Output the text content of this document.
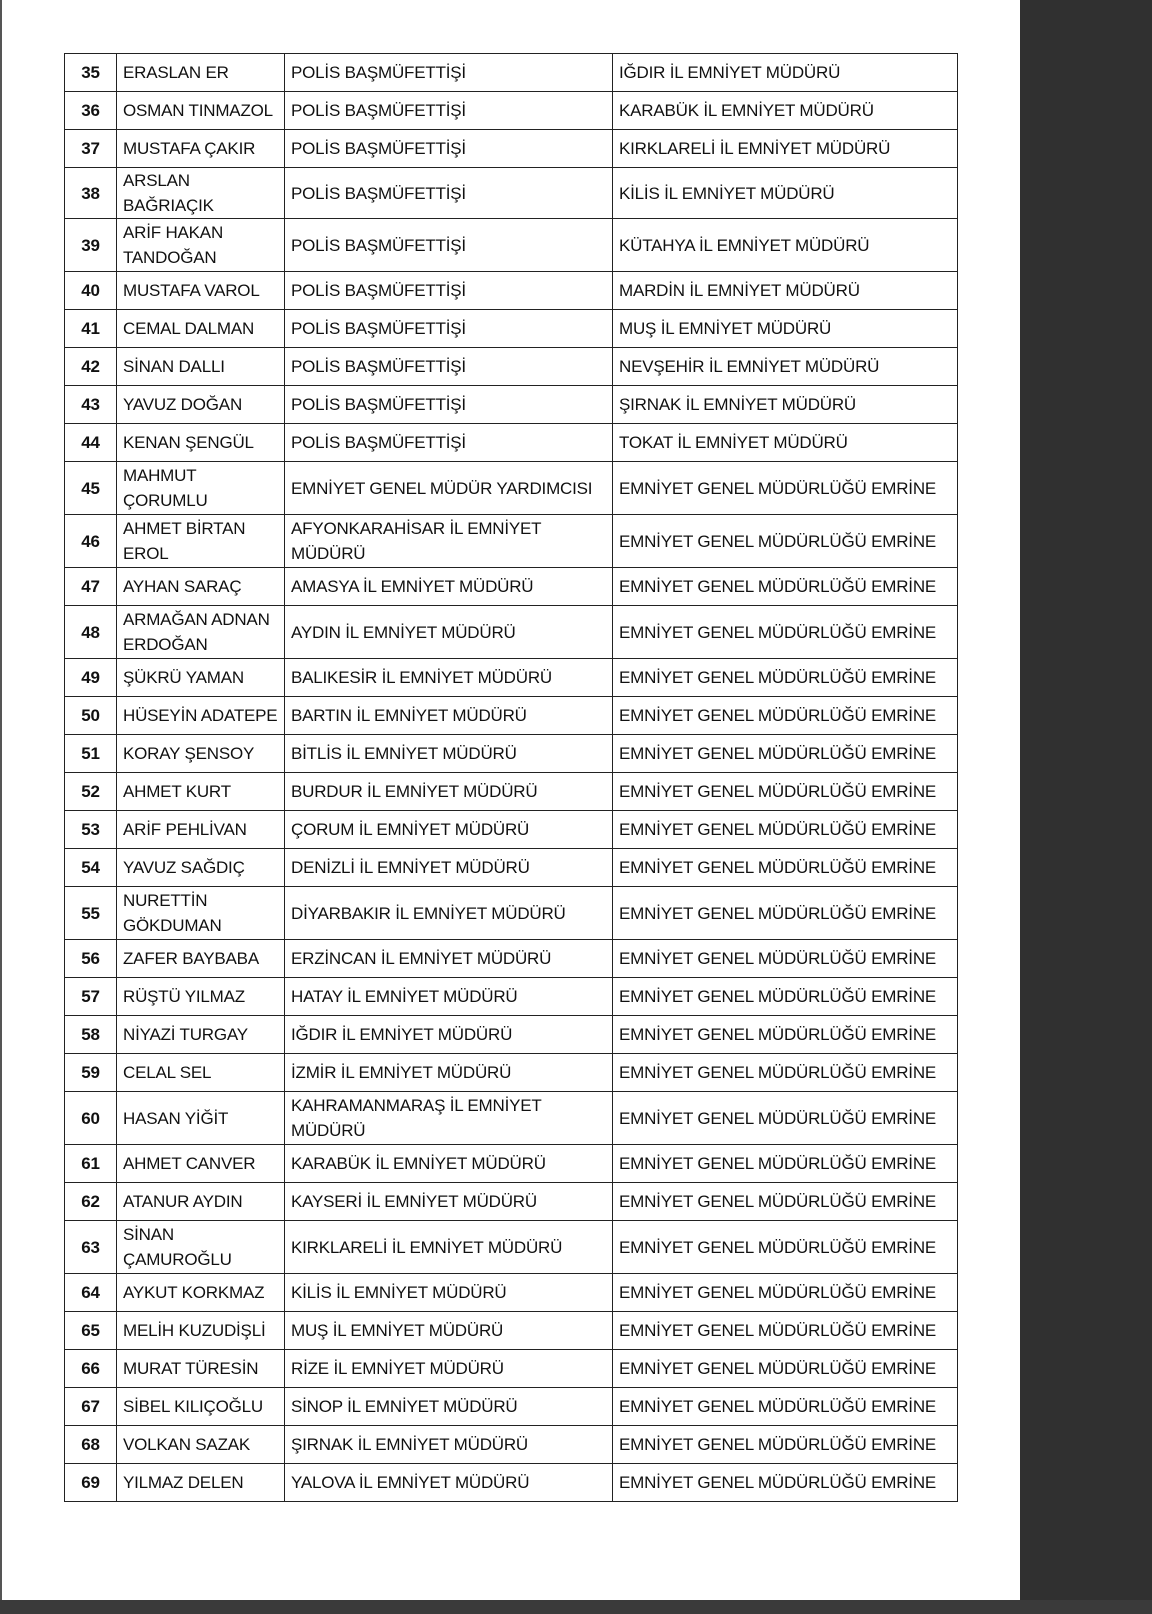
35	ERASLAN ER	POLİS BAŞMÜFETTİŞİ	IĞDIR İL EMNİYET MÜDÜRÜ
36	OSMAN TINMAZOL	POLİS BAŞMÜFETTİŞİ	KARABÜK İL EMNİYET MÜDÜRÜ
37	MUSTAFA ÇAKIR	POLİS BAŞMÜFETTİŞİ	KIRKLARELİ İL EMNİYET MÜDÜRÜ
38	ARSLAN BAĞRIAÇIK	POLİS BAŞMÜFETTİŞİ	KİLİS İL EMNİYET MÜDÜRÜ
39	ARİF HAKAN TANDOĞAN	POLİS BAŞMÜFETTİŞİ	KÜTAHYA İL EMNİYET MÜDÜRÜ
40	MUSTAFA VAROL	POLİS BAŞMÜFETTİŞİ	MARDİN İL EMNİYET MÜDÜRÜ
41	CEMAL DALMAN	POLİS BAŞMÜFETTİŞİ	MUŞ İL EMNİYET MÜDÜRÜ
42	SİNAN DALLI	POLİS BAŞMÜFETTİŞİ	NEVŞEHİR İL EMNİYET MÜDÜRÜ
43	YAVUZ DOĞAN	POLİS BAŞMÜFETTİŞİ	ŞIRNAK İL EMNİYET MÜDÜRÜ
44	KENAN ŞENGÜL	POLİS BAŞMÜFETTİŞİ	TOKAT İL EMNİYET MÜDÜRÜ
45	MAHMUT ÇORUMLU	EMNİYET GENEL MÜDÜR YARDIMCISI	EMNİYET GENEL MÜDÜRLÜĞÜ EMRİNE
46	AHMET BİRTAN EROL	AFYONKARAHİSAR İL EMNİYET MÜDÜRÜ	EMNİYET GENEL MÜDÜRLÜĞÜ EMRİNE
47	AYHAN SARAÇ	AMASYA İL EMNİYET MÜDÜRÜ	EMNİYET GENEL MÜDÜRLÜĞÜ EMRİNE
48	ARMAĞAN ADNAN ERDOĞAN	AYDIN İL EMNİYET MÜDÜRÜ	EMNİYET GENEL MÜDÜRLÜĞÜ EMRİNE
49	ŞÜKRÜ YAMAN	BALIKESİR İL EMNİYET MÜDÜRÜ	EMNİYET GENEL MÜDÜRLÜĞÜ EMRİNE
50	HÜSEYİN ADATEPE	BARTIN İL EMNİYET MÜDÜRÜ	EMNİYET GENEL MÜDÜRLÜĞÜ EMRİNE
51	KORAY ŞENSOY	BİTLİS İL EMNİYET MÜDÜRÜ	EMNİYET GENEL MÜDÜRLÜĞÜ EMRİNE
52	AHMET KURT	BURDUR İL EMNİYET MÜDÜRÜ	EMNİYET GENEL MÜDÜRLÜĞÜ EMRİNE
53	ARİF PEHLİVAN	ÇORUM İL EMNİYET MÜDÜRÜ	EMNİYET GENEL MÜDÜRLÜĞÜ EMRİNE
54	YAVUZ SAĞDIÇ	DENİZLİ İL EMNİYET MÜDÜRÜ	EMNİYET GENEL MÜDÜRLÜĞÜ EMRİNE
55	NURETTİN GÖKDUMAN	DİYARBAKIR İL EMNİYET MÜDÜRÜ	EMNİYET GENEL MÜDÜRLÜĞÜ EMRİNE
56	ZAFER BAYBABA	ERZİNCAN İL EMNİYET MÜDÜRÜ	EMNİYET GENEL MÜDÜRLÜĞÜ EMRİNE
57	RÜŞTÜ YILMAZ	HATAY İL EMNİYET MÜDÜRÜ	EMNİYET GENEL MÜDÜRLÜĞÜ EMRİNE
58	NİYAZİ TURGAY	IĞDIR İL EMNİYET MÜDÜRÜ	EMNİYET GENEL MÜDÜRLÜĞÜ EMRİNE
59	CELAL SEL	İZMİR İL EMNİYET MÜDÜRÜ	EMNİYET GENEL MÜDÜRLÜĞÜ EMRİNE
60	HASAN YİĞİT	KAHRAMANMARAŞ İL EMNİYET MÜDÜRÜ	EMNİYET GENEL MÜDÜRLÜĞÜ EMRİNE
61	AHMET CANVER	KARABÜK İL EMNİYET MÜDÜRÜ	EMNİYET GENEL MÜDÜRLÜĞÜ EMRİNE
62	ATANUR AYDIN	KAYSERİ İL EMNİYET MÜDÜRÜ	EMNİYET GENEL MÜDÜRLÜĞÜ EMRİNE
63	SİNAN ÇAMUROĞLU	KIRKLARELİ İL EMNİYET MÜDÜRÜ	EMNİYET GENEL MÜDÜRLÜĞÜ EMRİNE
64	AYKUT KORKMAZ	KİLİS İL EMNİYET MÜDÜRÜ	EMNİYET GENEL MÜDÜRLÜĞÜ EMRİNE
65	MELİH KUZUDİŞLİ	MUŞ İL EMNİYET MÜDÜRÜ	EMNİYET GENEL MÜDÜRLÜĞÜ EMRİNE
66	MURAT TÜRESİN	RİZE İL EMNİYET MÜDÜRÜ	EMNİYET GENEL MÜDÜRLÜĞÜ EMRİNE
67	SİBEL KILIÇOĞLU	SİNOP İL EMNİYET MÜDÜRÜ	EMNİYET GENEL MÜDÜRLÜĞÜ EMRİNE
68	VOLKAN SAZAK	ŞIRNAK İL EMNİYET MÜDÜRÜ	EMNİYET GENEL MÜDÜRLÜĞÜ EMRİNE
69	YILMAZ DELEN	YALOVA İL EMNİYET MÜDÜRÜ	EMNİYET GENEL MÜDÜRLÜĞÜ EMRİNE
